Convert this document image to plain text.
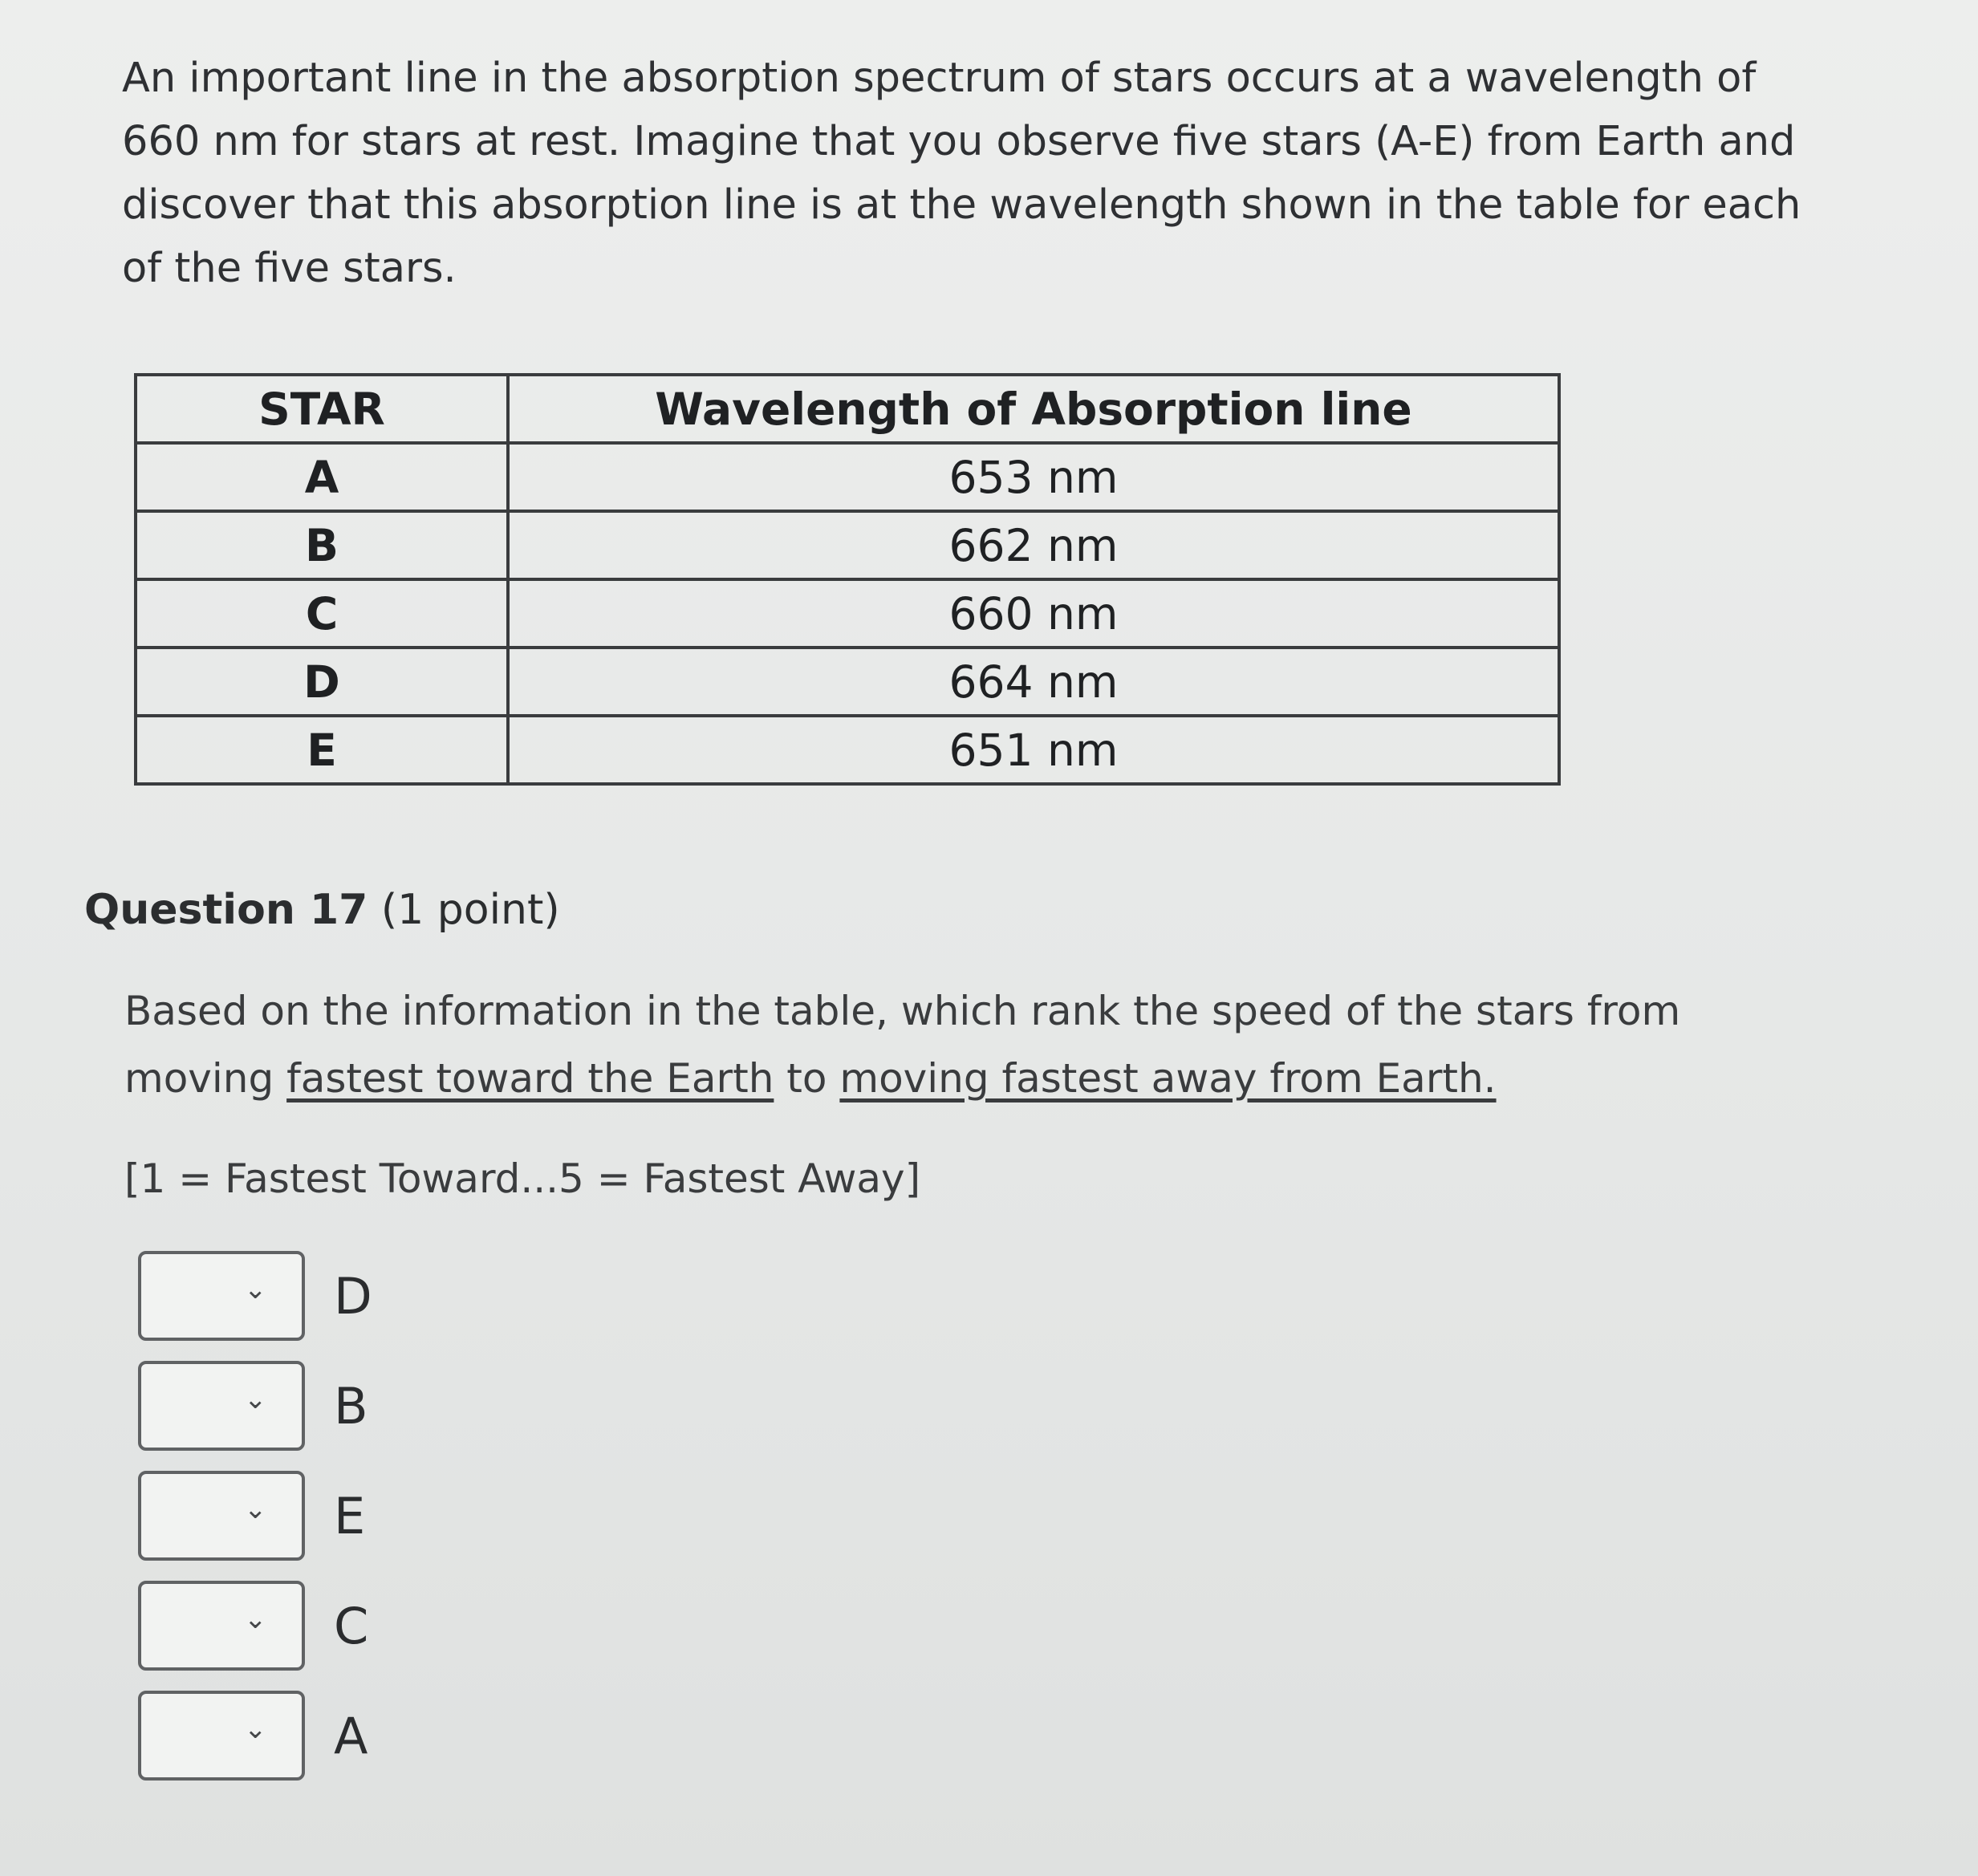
An important line in the absorption spectrum of stars occurs at a wavelength of 660 nm for stars at rest. Imagine that you observe five stars (A-E) from Earth and discover that this absorption line is at the wavelength shown in the table for each of the five stars.

STAR	Wavelength of Absorption line
A	653 nm
B	662 nm
C	660 nm
D	664 nm
E	651 nm
Question 17 (1 point)
Based on the information in the table, which rank the speed of the stars from moving fastest toward the Earth to moving fastest away from Earth.
[1 = Fastest Toward...5 = Fastest Away]
⌄ D
⌄ B
⌄ E
⌄ C
⌄ A
